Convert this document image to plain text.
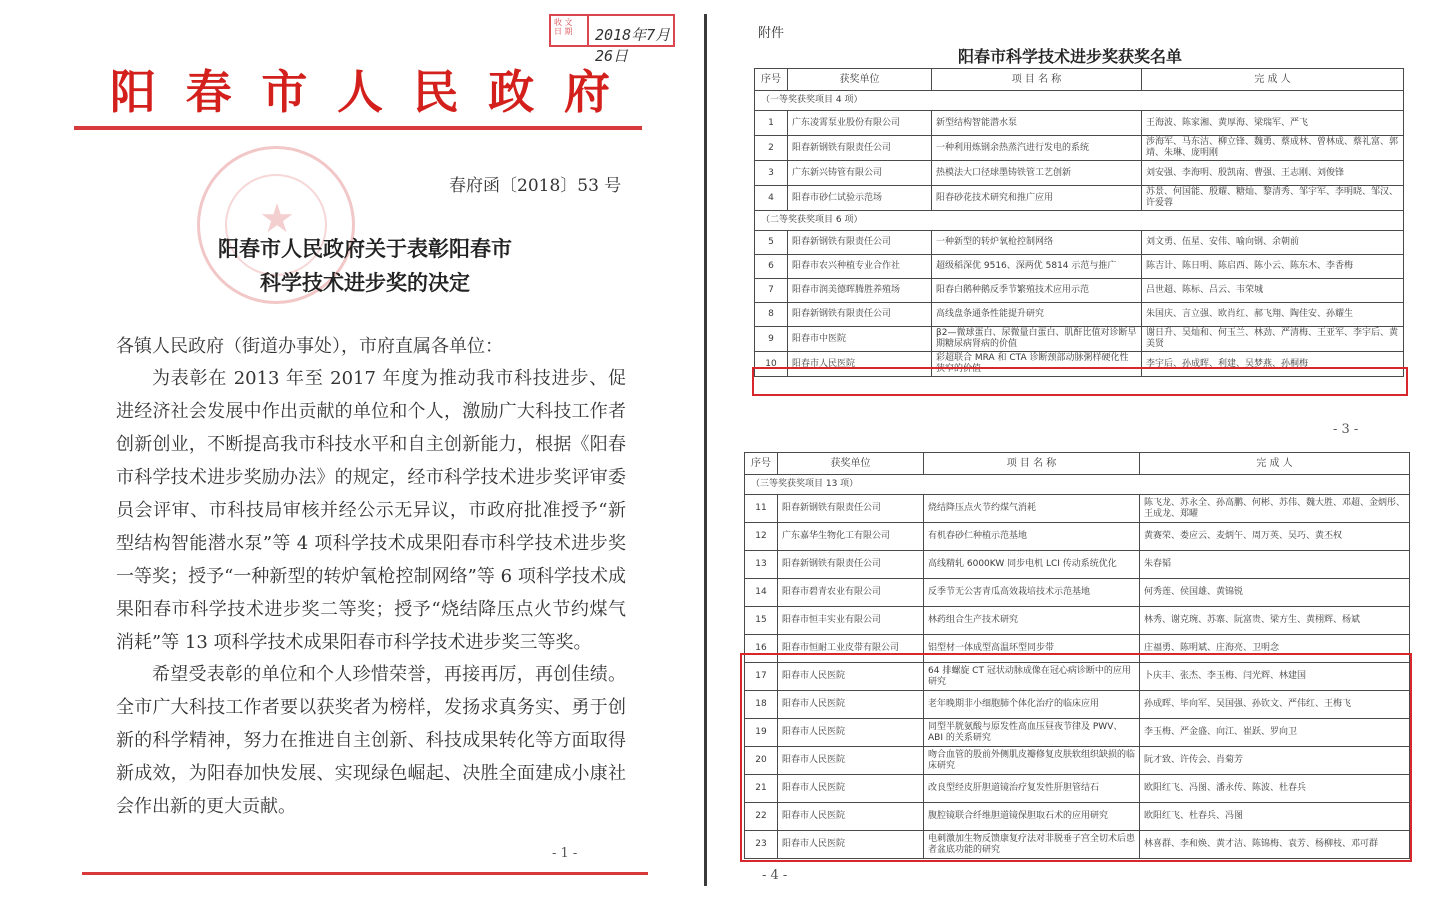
收 文
日 期	2018年7月26日
阳 春 市 人 民 政 府
★
春府函〔2018〕53 号
阳春市人民政府关于表彰阳春市
科学技术进步奖的决定
各镇人民政府（街道办事处），市府直属各单位：
为表彰在 2013 年至 2017 年度为推动我市科技进步、促进经济社会发展中作出贡献的单位和个人，激励广大科技工作者创新创业，不断提高我市科技水平和自主创新能力，根据《阳春市科学技术进步奖励办法》的规定，经市科学技术进步奖评审委员会评审、市科技局审核并经公示无异议，市政府批准授予“新型结构智能潜水泵”等 4 项科学技术成果阳春市科学技术进步奖一等奖；授予“一种新型的转炉氧枪控制网络”等 6 项科学技术成果阳春市科学技术进步奖二等奖；授予“烧结降压点火节约煤气消耗”等 13 项科学技术成果阳春市科学技术进步奖三等奖。
希望受表彰的单位和个人珍惜荣誉，再接再厉，再创佳绩。全市广大科技工作者要以获奖者为榜样，发扬求真务实、勇于创新的科学精神，努力在推进自主创新、科技成果转化等方面取得新成效，为阳春加快发展、实现绿色崛起、决胜全面建成小康社会作出新的更大贡献。
- 1 -
附件
阳春市科学技术进步奖获奖名单
序号	获奖单位	项 目 名 称	完 成 人
（一等奖获奖项目 4 项）			
1	广东凌霄泵业股份有限公司	新型结构智能潜水泵	王海波、陈家湘、黄厚海、梁瑞军、严飞
2	阳春新钢铁有限责任公司	一种利用炼钢余热蒸汽进行发电的系统	涉海军、马东洁、柳立锋、魏勇、蔡成林、曾林成、蔡礼富、郭靖、朱琳、庞明刚
3	广东新兴铸管有限公司	热模法大口径球墨铸铁管工艺创新	刘安强、李海明、殷凯南、曹强、王志刚、刘俊锋
4	阳春市砂仁试验示范场	阳春砂花技术研究和推广应用	苏景、何国能、殷耀、糖灿、黎清秀、邹宇军、李明晓、邹汉、许爱蓉
（二等奖获奖项目 6 项）			
5	阳春新钢铁有限责任公司	一种新型的转炉氧枪控制网络	刘文勇、伍星、安伟、喻向钢、余朝前
6	阳春市农兴种植专业合作社	超级稻深优 9516、深两优 5814 示范与推广	陈吉计、陈日明、陈启西、陈小云、陈东木、李香梅
7	阳春市润美德晖腾胜养殖场	阳春白鹅种鹅反季节繁殖技术应用示范	吕世超、陈标、吕云、韦荣城
8	阳春新钢铁有限责任公司	高线盘条通条性能提升研究	朱国庆、言立强、欧肖红、郝飞翔、陶佳安、孙耀生
9	阳春市中医院	β2—微球蛋白、尿微量白蛋白、肌酐比值对诊断早期糖尿病肾病的价值	谢日升、吴灿和、何玉兰、林劲、严清梅、王亚军、李宇后、黄美贤
10	阳春市人民医院	彩超联合 MRA 和 CTA 诊断颈部动脉粥样硬化性狭窄的价值	李宇后、孙成晖、利建、吴梦燕、孙桐梅
- 3 -
序号	获奖单位	项 目 名 称	完 成 人
（三等奖获奖项目 13 项）			
11	阳春新钢铁有限责任公司	烧结降压点火节约煤气消耗	陈飞龙、苏永全、孙高鹏、何彬、苏伟、魏大胜、邓超、金炳彤、王成龙、郑曜
12	广东嘉华生物化工有限公司	有机春砂仁种植示范基地	黄赛荣、娄应云、麦炳午、周万英、吴巧、黄丕权
13	阳春新钢铁有限责任公司	高线精轧 6000KW 同步电机 LCI 传动系统优化	朱春韬
14	阳春市碧青农业有限公司	反季节无公害青瓜高效栽培技术示范基地	何秀莲、侯国雄、黄锦锐
15	阳春市恒丰实业有限公司	林药组合生产技术研究	林秀、谢克琬、苏寨、阮富贵、梁方生、黄栩辉、杨斌
16	阳春市恒耐工业皮带有限公司	铝型材一体成型高温环型同步带	庄福勇、陈明斌、庄海亮、卫明念
17	阳春市人民医院	64 排螺旋 CT 冠状动脉成像在冠心病诊断中的应用研究	卜庆丰、张杰、李玉梅、闫光辉、林建国
18	阳春市人民医院	老年晚期非小细胞肺个体化治疗的临床应用	孙成晖、毕向军、吴国强、孙钦文、严伟红、王梅飞
19	阳春市人民医院	同型半胱氨酸与原发性高血压昼夜节律及 PWV、ABI 的关系研究	李玉梅、严金盛、向江、崔跃、罗向卫
20	阳春市人民医院	吻合血管的股前外侧肌皮瓣修复皮肤软组织缺损的临床研究	阮才致、许传会、肖菊芳
21	阳春市人民医院	改良型经皮肝胆道镜治疗复发性肝胆管结石	欧阳红飞、冯图、潘永传、陈波、杜春兵
22	阳春市人民医院	腹腔镜联合纤维胆道镜保胆取石术的应用研究	欧阳红飞、杜春兵、冯图
23	阳春市人民医院	电刺激加生物反馈康复疗法对非脱垂子宫全切术后患者盆底功能的研究	林喜群、李和焕、黄才洁、陈锦梅、袁芳、杨柳枝、邓可群
- 4 -
